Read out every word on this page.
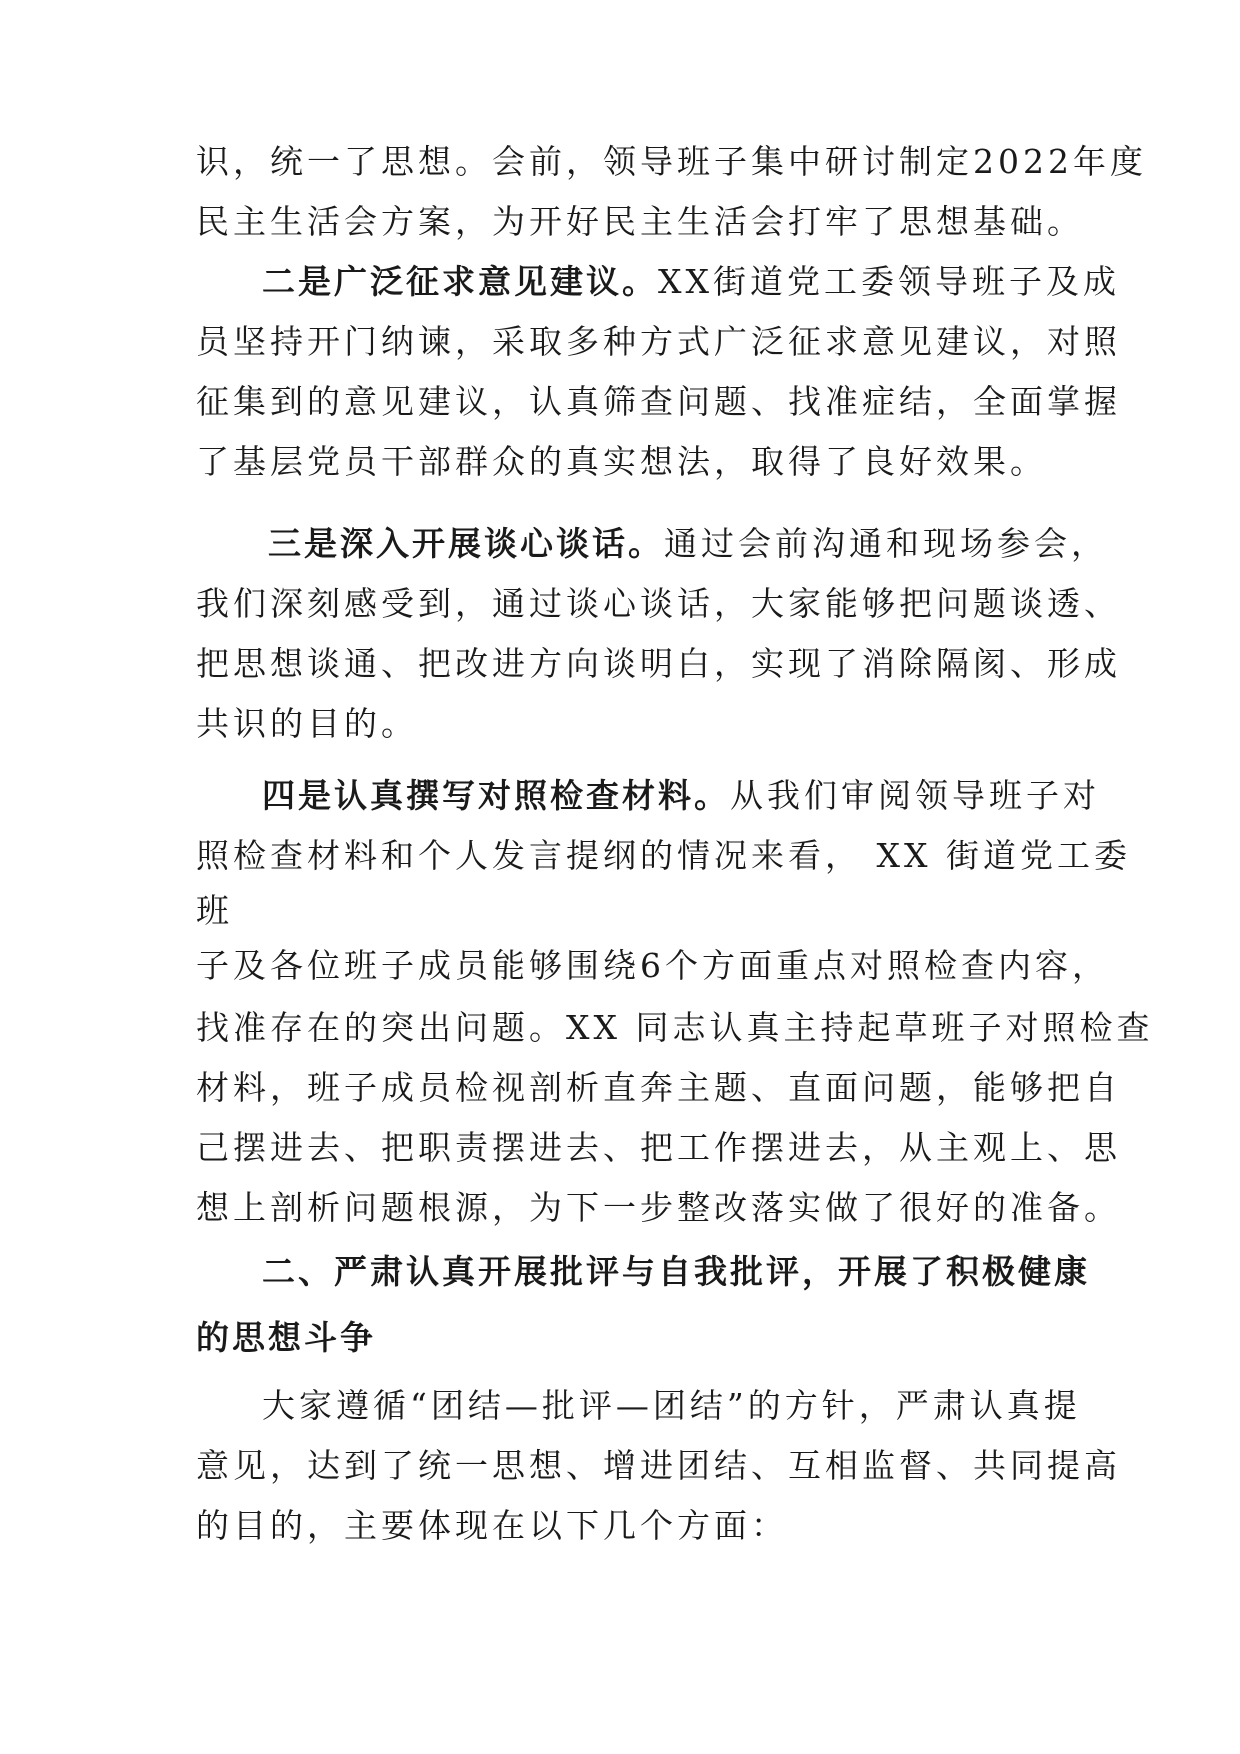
识，统一了思想。会前，领导班子集中研讨制定2022年度
民主生活会方案，为开好民主生活会打牢了思想基础。
二是广泛征求意见建议。XX街道党工委领导班子及成
员坚持开门纳谏，采取多种方式广泛征求意见建议，对照
征集到的意见建议，认真筛查问题、找准症结，全面掌握
了基层党员干部群众的真实想法，取得了良好效果。
三是深入开展谈心谈话。通过会前沟通和现场参会，
我们深刻感受到，通过谈心谈话，大家能够把问题谈透、
把思想谈通、把改进方向谈明白，实现了消除隔阂、形成
共识的目的。
四是认真撰写对照检查材料。从我们审阅领导班子对
照检查材料和个人发言提纲的情况来看， XX 街道党工委
班
子及各位班子成员能够围绕6个方面重点对照检查内容，
找准存在的突出问题。XX 同志认真主持起草班子对照检查
材料，班子成员检视剖析直奔主题、直面问题，能够把自
己摆进去、把职责摆进去、把工作摆进去，从主观上、思
想上剖析问题根源，为下一步整改落实做了很好的准备。
二、严肃认真开展批评与自我批评，开展了积极健康
的思想斗争
大家遵循“团结—批评—团结”的方针，严肃认真提
意见，达到了统一思想、增进团结、互相监督、共同提高
的目的，主要体现在以下几个方面：
